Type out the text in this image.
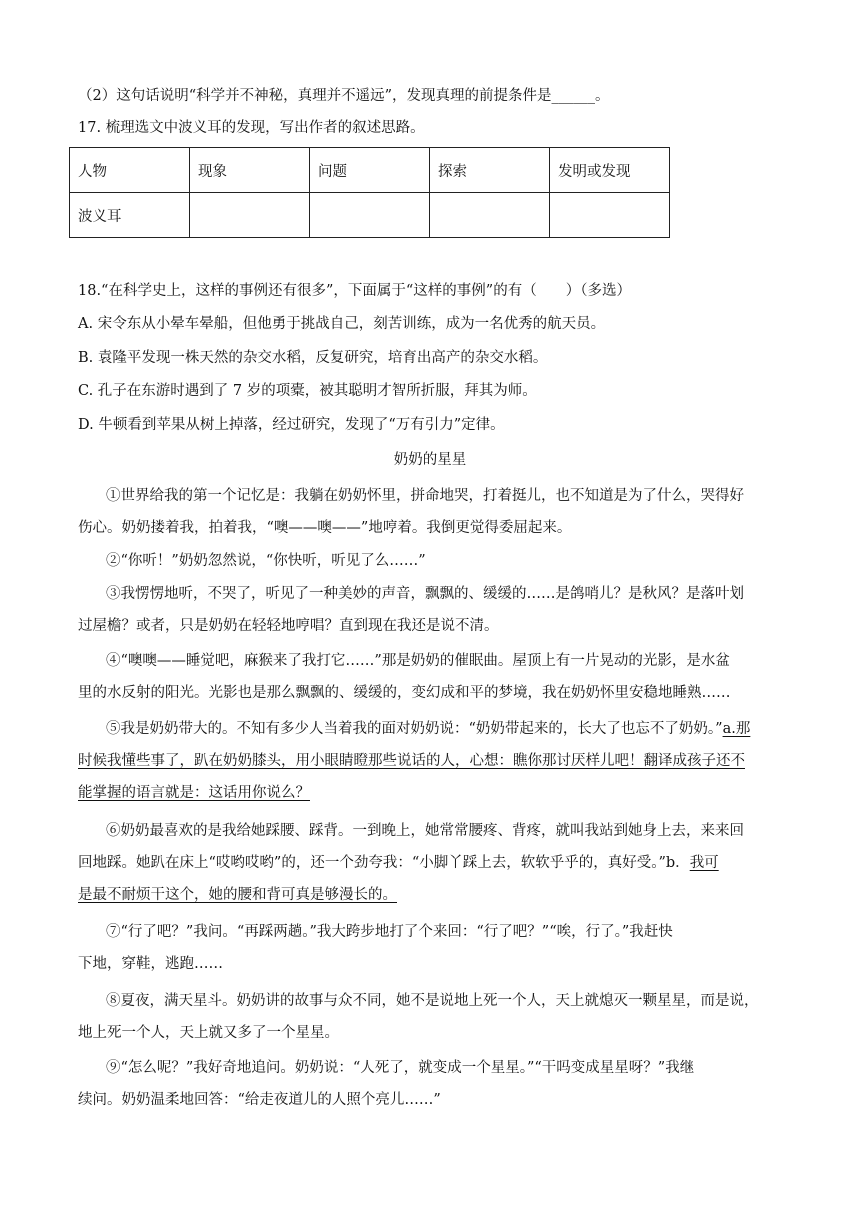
（2）这句话说明“科学并不神秘，真理并不遥远”，发现真理的前提条件是______。
17. 梳理选文中波义耳的发现，写出作者的叙述思路。
人物	现象	问题	探索	发明或发现
波义耳				
18.“在科学史上，这样的事例还有很多”，下面属于“这样的事例”的有（　　）（多选）
A. 宋令东从小晕车晕船，但他勇于挑战自己，刻苦训练，成为一名优秀的航天员。
B. 袁隆平发现一株天然的杂交水稻，反复研究，培育出高产的杂交水稻。
C. 孔子在东游时遇到了 7 岁的项橐，被其聪明才智所折服，拜其为师。
D. 牛顿看到苹果从树上掉落，经过研究，发现了“万有引力”定律。
奶奶的星星
①世界给我的第一个记忆是：我躺在奶奶怀里，拼命地哭，打着挺儿，也不知道是为了什么，哭得好
伤心。奶奶搂着我，拍着我，“噢——噢——”地哼着。我倒更觉得委屈起来。
②“你听！”奶奶忽然说，“你快听，听见了么……”
③我愣愣地听，不哭了，听见了一种美妙的声音，飘飘的、缓缓的……是鸽哨儿？是秋风？是落叶划
过屋檐？或者，只是奶奶在轻轻地哼唱？直到现在我还是说不清。
④“噢噢——睡觉吧，麻猴来了我打它……”那是奶奶的催眠曲。屋顶上有一片晃动的光影，是水盆
里的水反射的阳光。光影也是那么飘飘的、缓缓的，变幻成和平的梦境，我在奶奶怀里安稳地睡熟……
⑤我是奶奶带大的。不知有多少人当着我的面对奶奶说：“奶奶带起来的，长大了也忘不了奶奶。”a.那
时候我懂些事了，趴在奶奶膝头，用小眼睛瞪那些说话的人，心想：瞧你那讨厌样儿吧！翻译成孩子还不
能掌握的语言就是：这话用你说么？
⑥奶奶最喜欢的是我给她踩腰、踩背。一到晚上，她常常腰疼、背疼，就叫我站到她身上去，来来回
回地踩。她趴在床上“哎哟哎哟”的，还一个劲夸我：“小脚丫踩上去，软软乎乎的，真好受。”b．我可
是最不耐烦干这个，她的腰和背可真是够漫长的。
⑦“行了吧？”我问。“再踩两趟。”我大跨步地打了个来回：“行了吧？”“唉，行了。”我赶快
下地，穿鞋，逃跑……
⑧夏夜，满天星斗。奶奶讲的故事与众不同，她不是说地上死一个人，天上就熄灭一颗星星，而是说，
地上死一个人，天上就又多了一个星星。
⑨“怎么呢？”我好奇地追问。奶奶说：“人死了，就变成一个星星。”“干吗变成星星呀？”我继
续问。奶奶温柔地回答：“给走夜道儿的人照个亮儿……”
